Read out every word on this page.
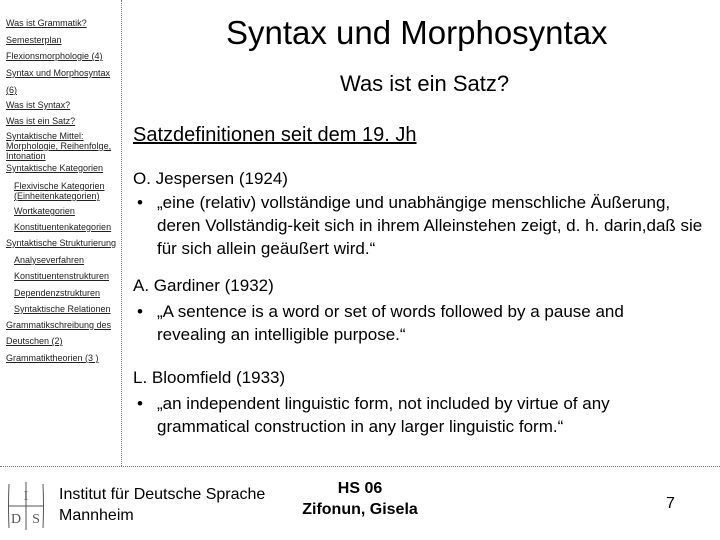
Was ist Grammatik?
Semesterplan
Flexionsmorphologie (4)
Syntax und Morphosyntax
(6)
Was ist Syntax?
Was ist ein Satz?
Syntaktische Mittel: Morphologie, Reihenfolge, Intonation
Syntaktische Kategorien
Flexivische Kategorien (Einheitenkategorien)
Wortkategorien
Konstituentenkategorien
Syntaktische Strukturierung
Analyseverfahren
Konstituentenstrukturen
Dependenzstrukturen
Syntaktische Relationen
Grammatikschreibung des
Deutschen (2)
Grammatiktheorien (3 )
Syntax und Morphosyntax
Was ist ein Satz?
Satzdefinitionen seit dem 19. Jh
O. Jespersen (1924)
• „eine (relativ) vollständige und unabhängige menschliche Äußerung, deren Vollständig-keit sich in ihrem Alleinstehen zeigt, d. h. darin,daß sie für sich allein geäußert wird.“
A. Gardiner (1932)
• „A sentence is a word or set of words followed by a pause and revealing an intelligible purpose.“
L. Bloomfield (1933)
• „an independent linguistic form, not included by virtue of any grammatical construction in any larger linguistic form.“
I
D S
Institut für Deutsche Sprache
Mannheim
HS 06
Zifonun, Gisela	7
